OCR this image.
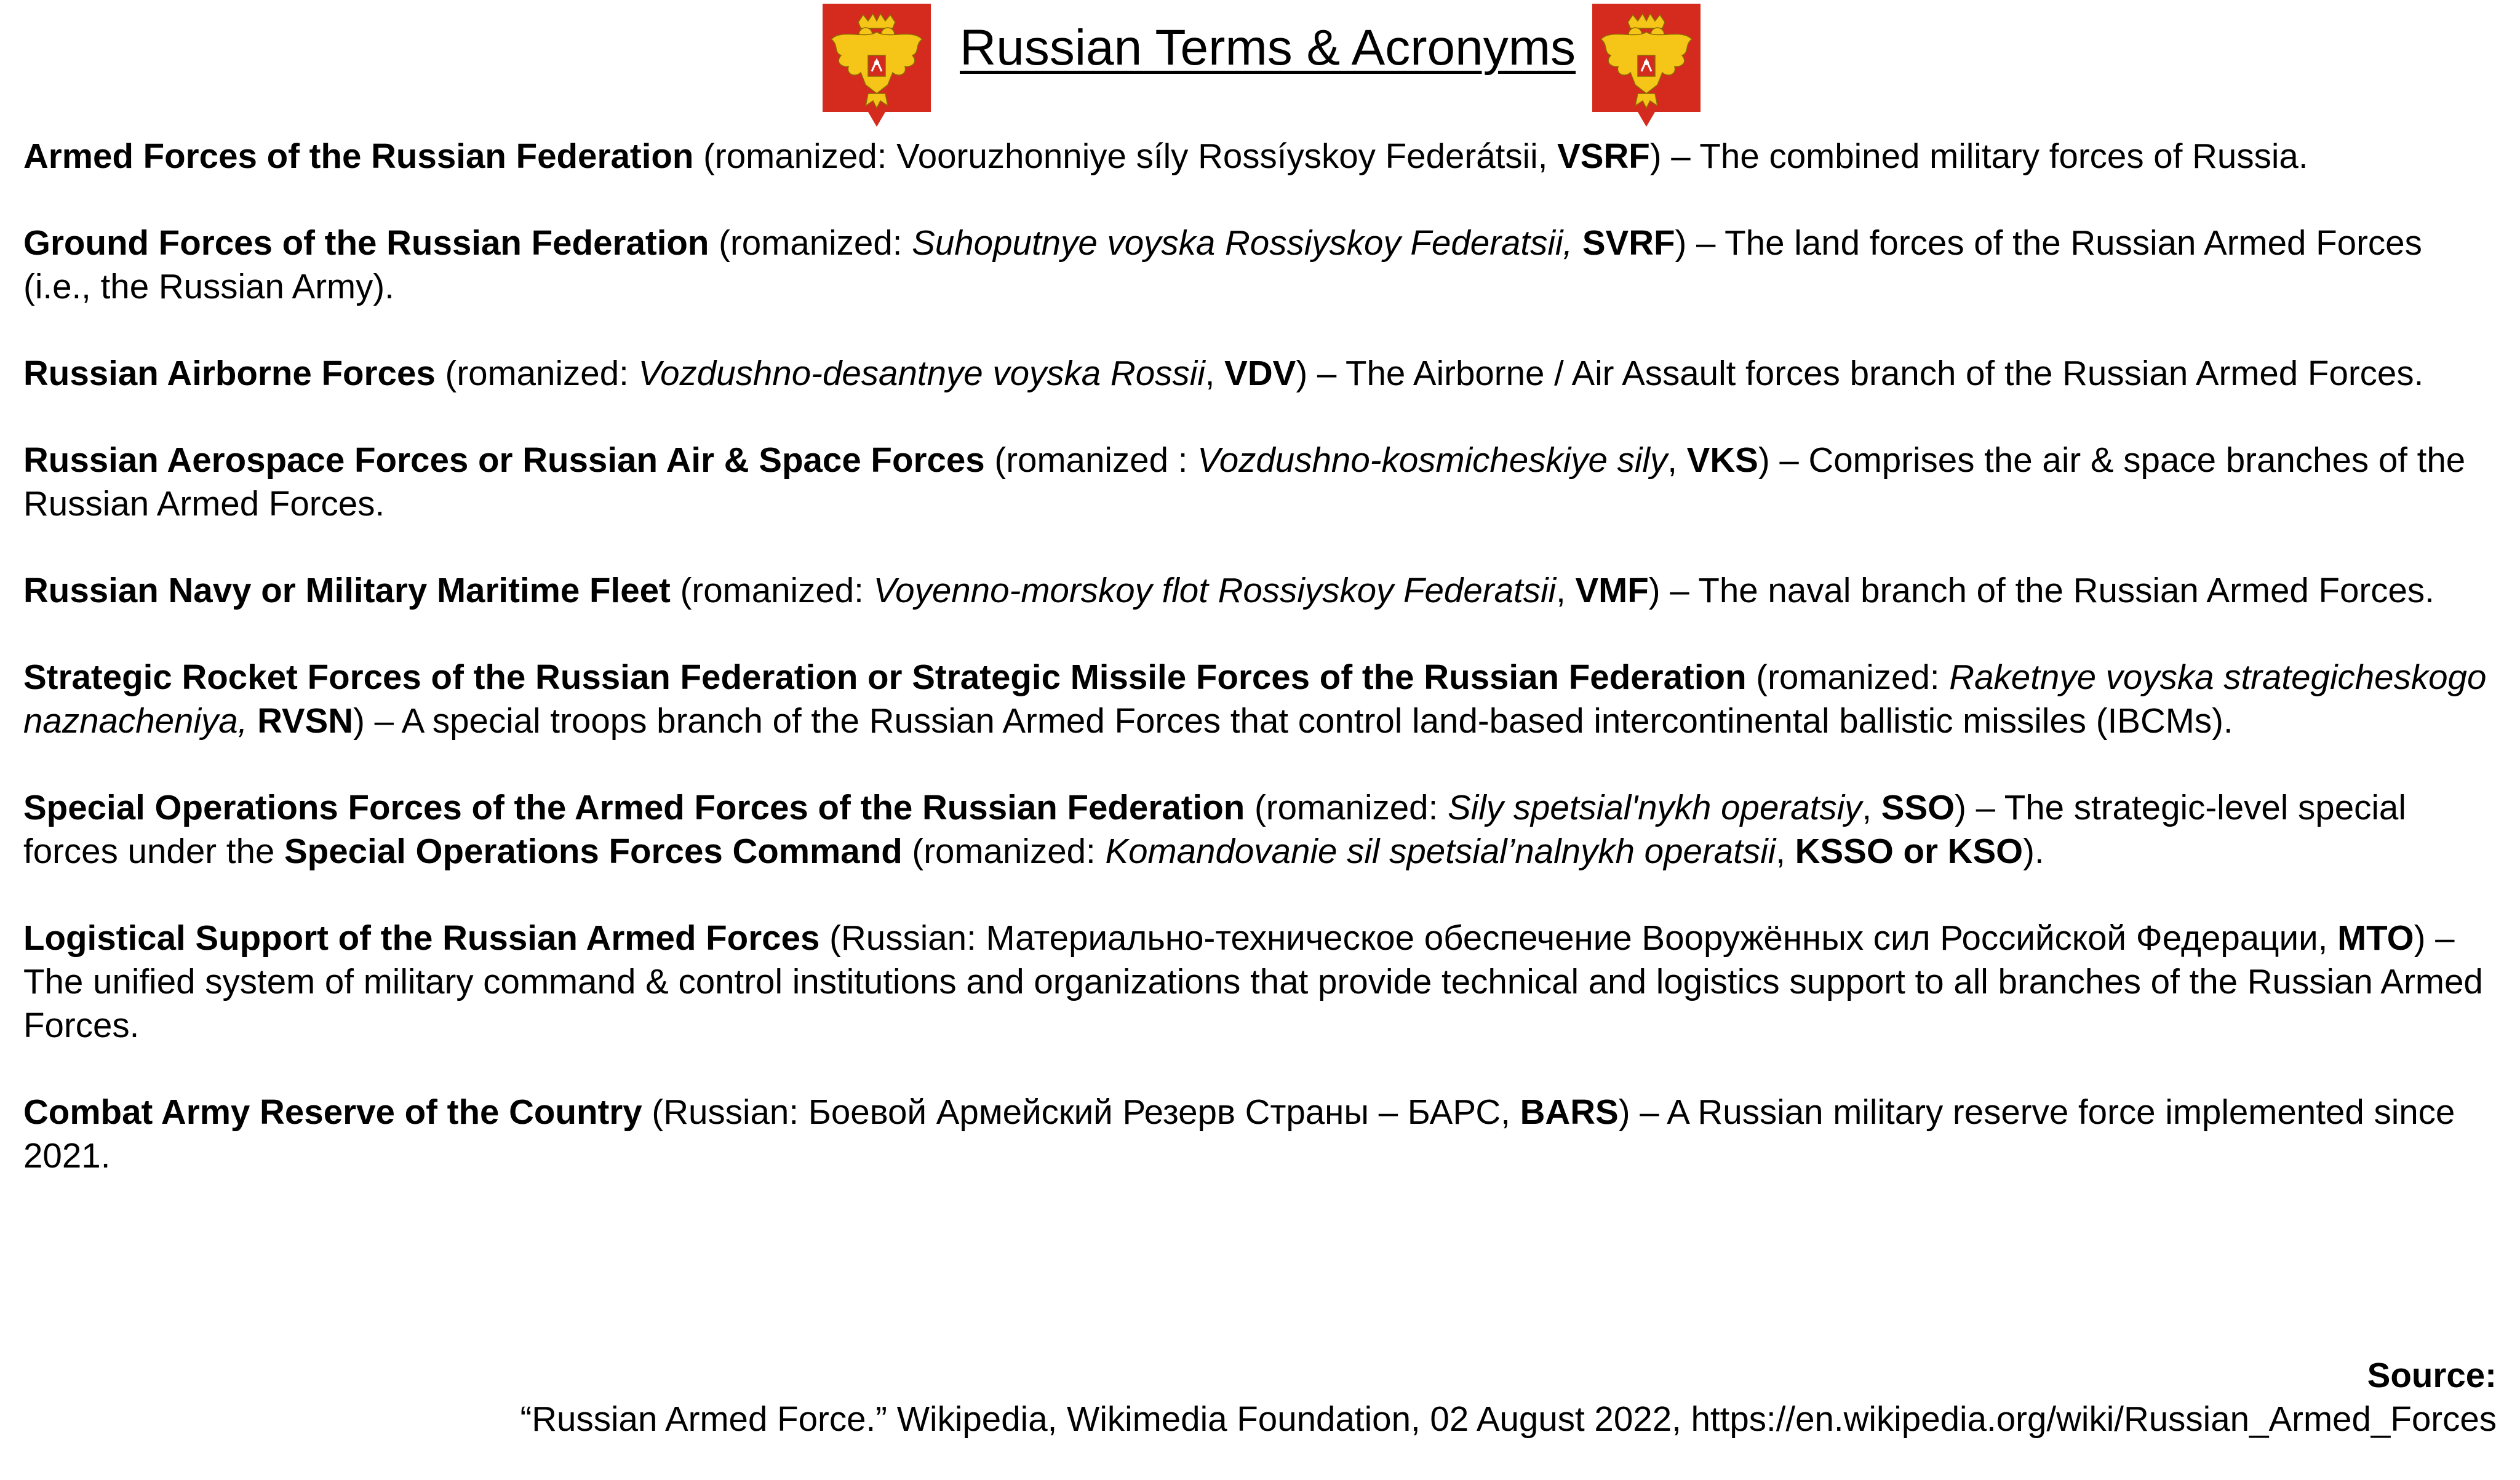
Russian Terms & Acronyms

Armed Forces of the Russian Federation (romanized: Vooruzhonniye síly Rossíyskoy Federátsii, VSRF) – The combined military forces of Russia.

Ground Forces of the Russian Federation (romanized: Suhoputnye voyska Rossiyskoy Federatsii, SVRF) – The land forces of the Russian Armed Forces (i.e., the Russian Army).

Russian Airborne Forces (romanized: Vozdushno-desantnye voyska Rossii, VDV) – The Airborne / Air Assault forces branch of the Russian Armed Forces.

Russian Aerospace Forces or Russian Air & Space Forces (romanized : Vozdushno-kosmicheskiye sily, VKS) – Comprises the air & space branches of the Russian Armed Forces.

Russian Navy or Military Maritime Fleet (romanized: Voyenno-morskoy flot Rossiyskoy Federatsii, VMF) – The naval branch of the Russian Armed Forces.

Strategic Rocket Forces of the Russian Federation or Strategic Missile Forces of the Russian Federation (romanized: Raketnye voyska strategicheskogo naznacheniya, RVSN) – A special troops branch of the Russian Armed Forces that control land-based intercontinental ballistic missiles (IBCMs).

Special Operations Forces of the Armed Forces of the Russian Federation (romanized: Sily spetsial'nykh operatsiy, SSO) – The strategic-level special forces under the Special Operations Forces Command (romanized: Komandovanie sil spetsial’nalnykh operatsii, KSSO or KSO).

Logistical Support of the Russian Armed Forces (Russian: Материально-техническое обеспечение Вооружённых сил Российской Федерации, MTO) – The unified system of military command & control institutions and organizations that provide technical and logistics support to all branches of the Russian Armed Forces.

Combat Army Reserve of the Country (Russian: Боевой Армейский Резерв Страны – БАРС, BARS) – A Russian military reserve force implemented since 2021.

Source:
“Russian Armed Force.” Wikipedia, Wikimedia Foundation, 02 August 2022, https://en.wikipedia.org/wiki/Russian_Armed_Forces
